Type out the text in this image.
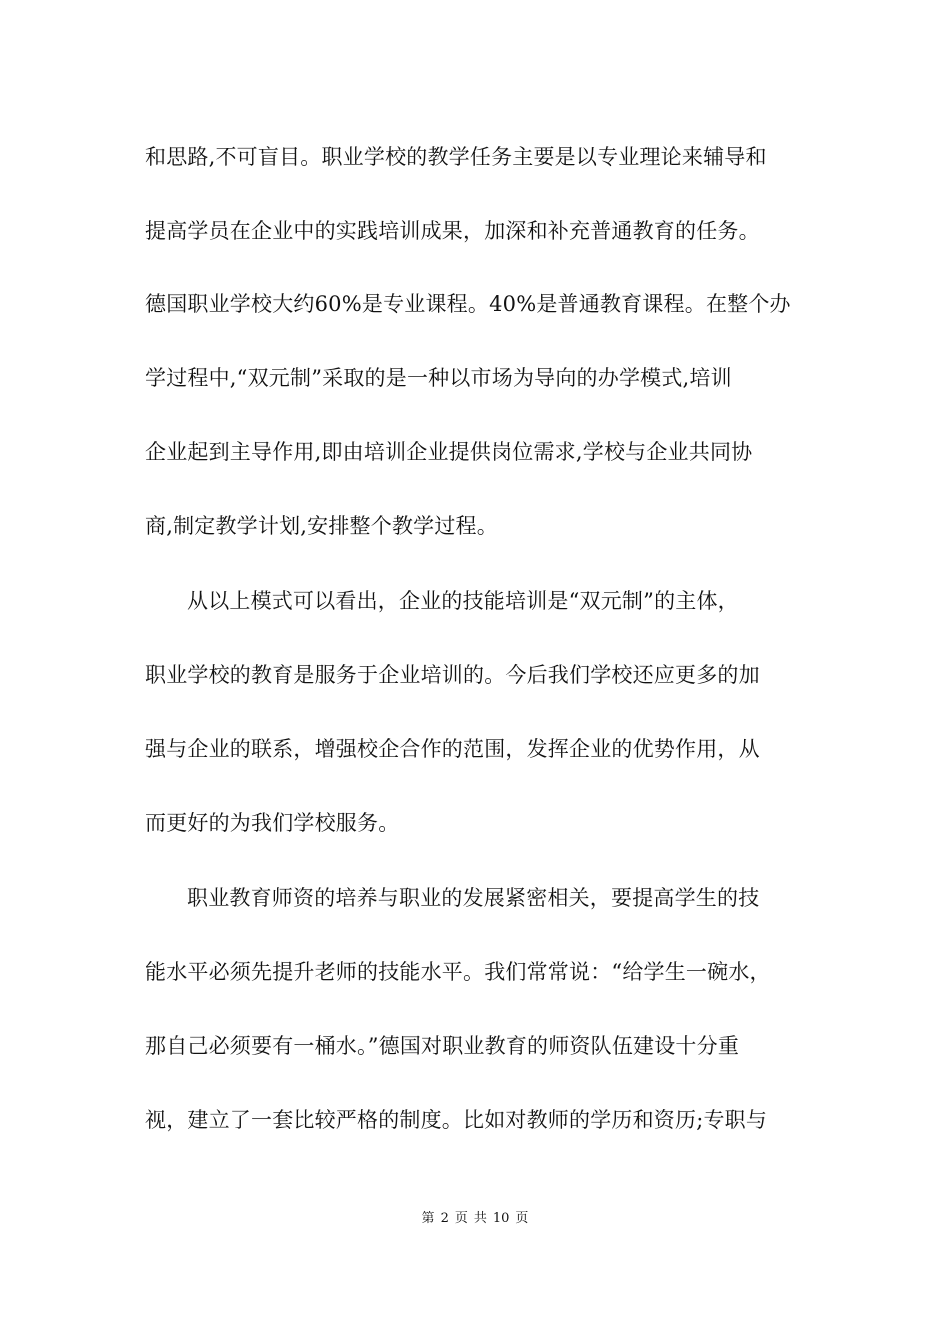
和思路,不可盲目。职业学校的教学任务主要是以专业理论来辅导和
提高学员在企业中的实践培训成果，加深和补充普通教育的任务。
德国职业学校大约60%是专业课程。40%是普通教育课程。在整个办
学过程中,“双元制”采取的是一种以市场为导向的办学模式,培训
企业起到主导作用,即由培训企业提供岗位需求,学校与企业共同协
商,制定教学计划,安排整个教学过程。
从以上模式可以看出，企业的技能培训是“双元制”的主体，
职业学校的教育是服务于企业培训的。今后我们学校还应更多的加
强与企业的联系，增强校企合作的范围，发挥企业的优势作用，从
而更好的为我们学校服务。
职业教育师资的培养与职业的发展紧密相关，要提高学生的技
能水平必须先提升老师的技能水平。我们常常说：“给学生一碗水，
那自己必须要有一桶水。”德国对职业教育的师资队伍建设十分重
视，建立了一套比较严格的制度。比如对教师的学历和资历;专职与
第 2 页 共 10 页
